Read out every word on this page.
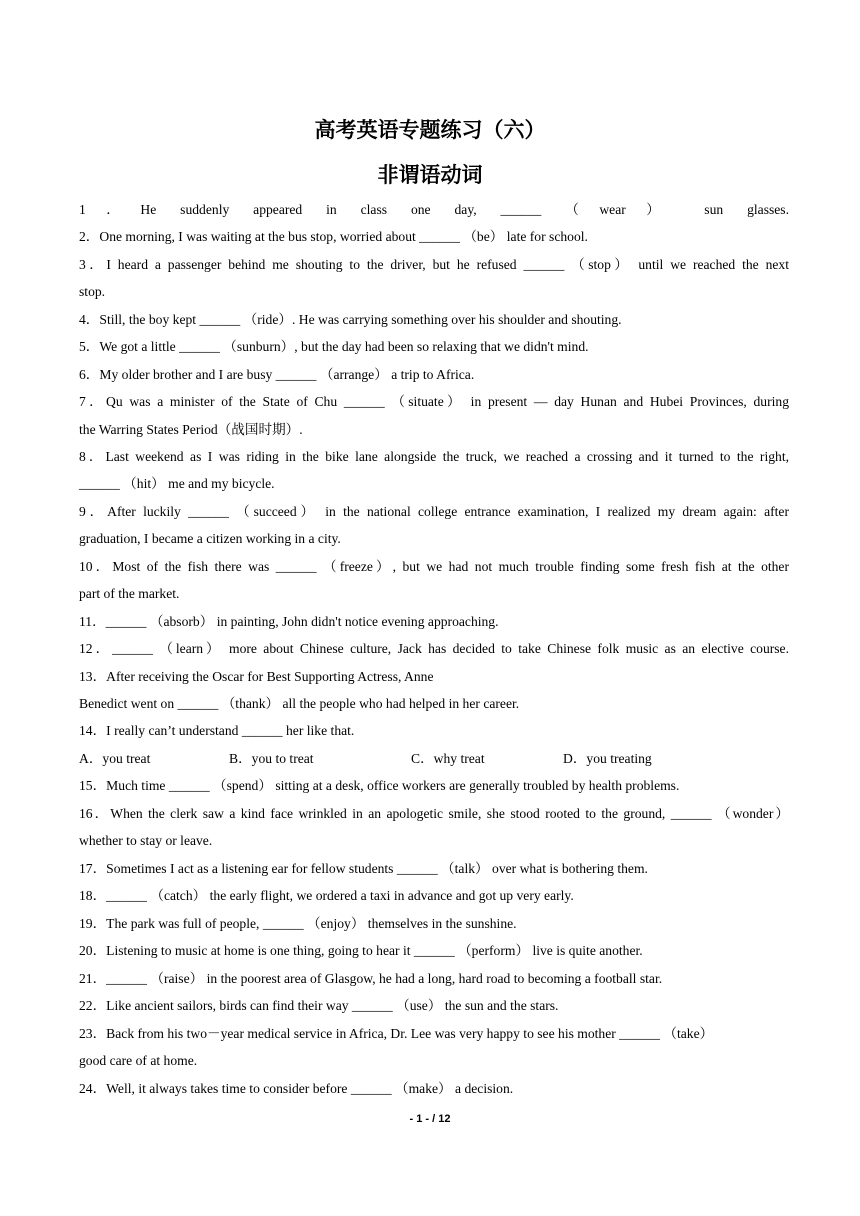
高考英语专题练习（六）
非谓语动词
1．He suddenly appeared in class one day, ______ （wear） sun glasses.
2．One morning, I was waiting at the bus stop, worried about ______ （be） late for school.
3．I heard a passenger behind me shouting to the driver, but he refused ______ （stop） until we reached the next
stop.
4．Still, the boy kept ______ （ride）. He was carrying something over his shoulder and shouting.
5．We got a little ______ （sunburn）, but the day had been so relaxing that we didn't mind.
6．My older brother and I are busy ______ （arrange） a trip to Africa.
7．Qu was a minister of the State of Chu ______ （situate） in present — day Hunan and Hubei Provinces, during
the Warring States Period（战国时期）.
8．Last weekend as I was riding in the bike lane alongside the truck, we reached a crossing and it turned to the right,
______ （hit） me and my bicycle.
9．After luckily ______ （succeed） in the national college entrance examination, I realized my dream again: after
graduation, I became a citizen working in a city.
10．Most of the fish there was ______ （freeze）, but we had not much trouble finding some fresh fish at the other
part of the market.
11．______ （absorb） in painting, John didn't notice evening approaching.
12．______ （learn） more about Chinese culture, Jack has decided to take Chinese folk music as an elective course.
13．After receiving the Oscar for Best Supporting Actress, Anne
Benedict went on ______ （thank） all the people who had helped in her career.
14．I really can’t understand ______ her like that.
A．you treat	B．you to treat	C．why treat	D．you treating
15．Much time ______ （spend） sitting at a desk, office workers are generally troubled by health problems.
16．When the clerk saw a kind face wrinkled in an apologetic smile, she stood rooted to the ground, ______ （wonder）
whether to stay or leave.
17．Sometimes I act as a listening ear for fellow students ______ （talk） over what is bothering them.
18．______ （catch） the early flight, we ordered a taxi in advance and got up very early.
19．The park was full of people, ______ （enjoy） themselves in the sunshine.
20．Listening to music at home is one thing, going to hear it ______ （perform） live is quite another.
21．______ （raise） in the poorest area of Glasgow, he had a long, hard road to becoming a football star.
22．Like ancient sailors, birds can find their way ______ （use） the sun and the stars.
23．Back from his two－year medical service in Africa, Dr. Lee was very happy to see his mother ______ （take）
good care of at home.
24．Well, it always takes time to consider before ______ （make） a decision.
- 1 - / 12
